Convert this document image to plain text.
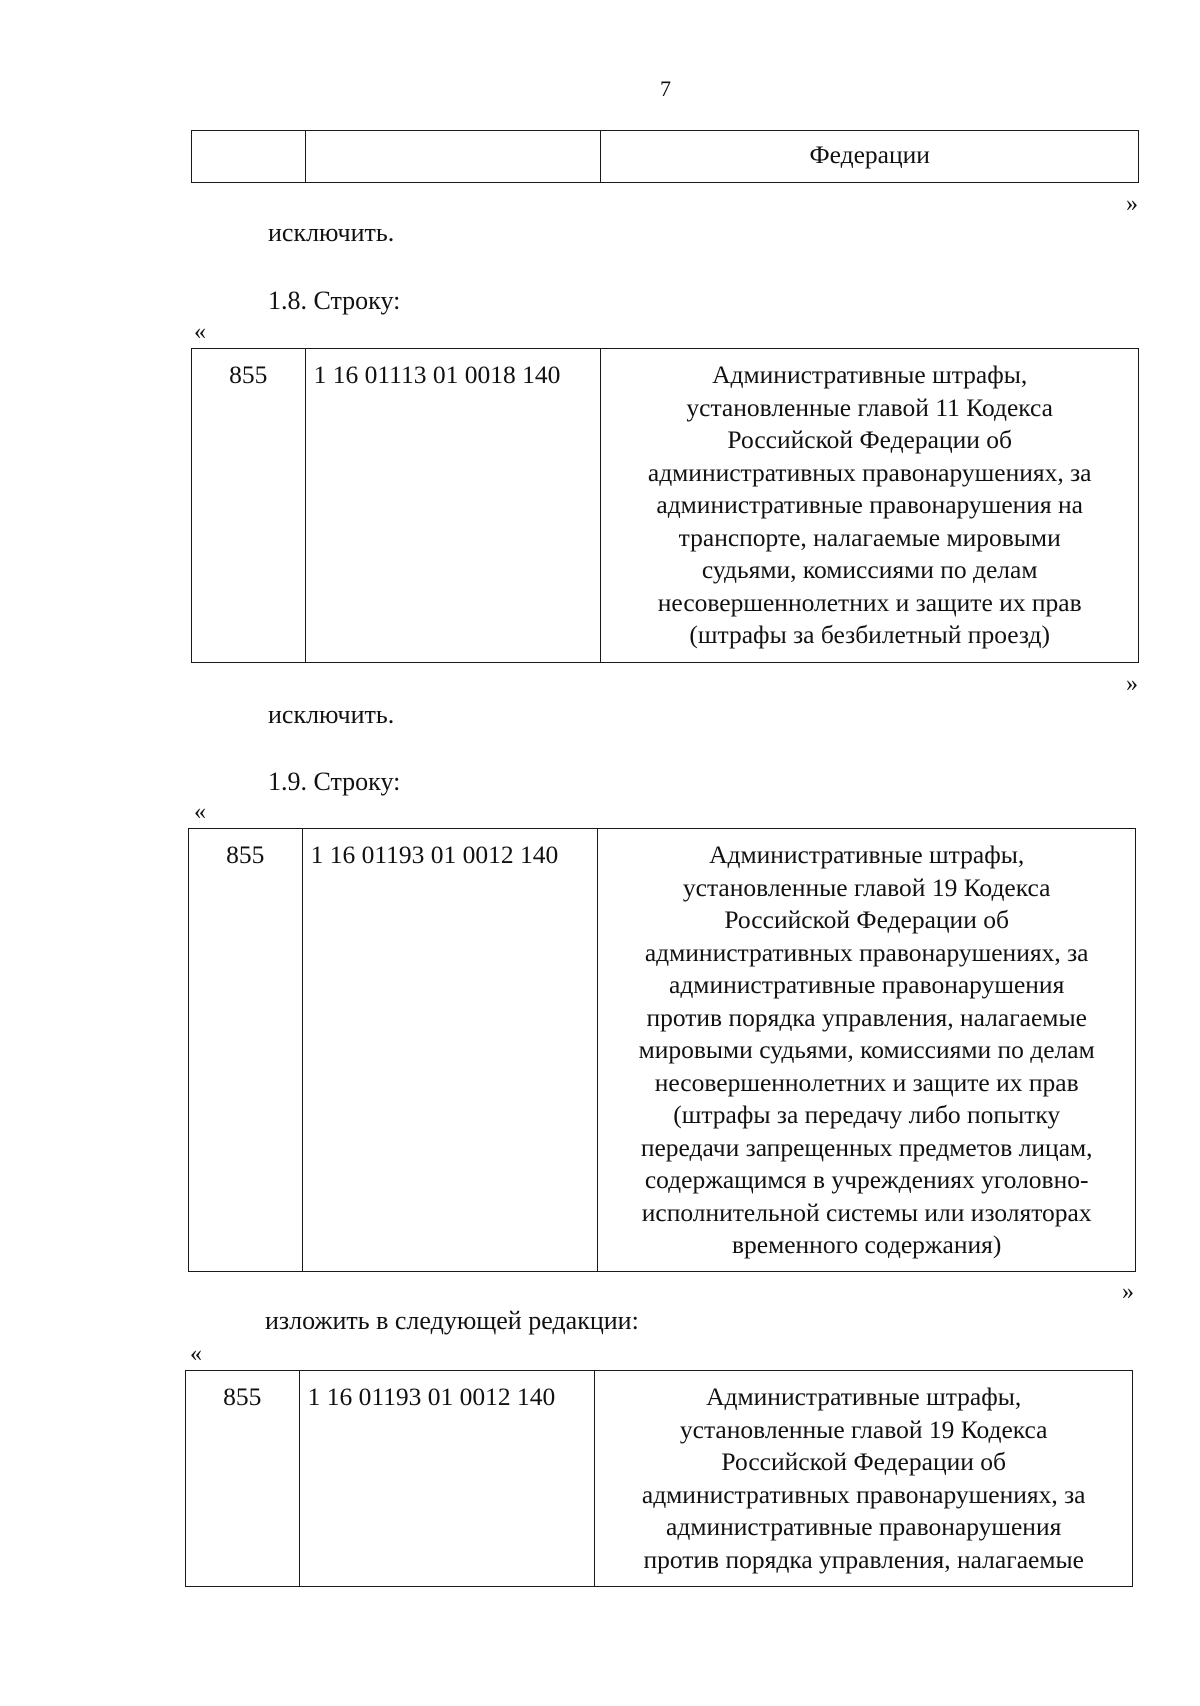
7

Федерации
»
исключить.
1.8. Строку:
«
855	1 16 01113 01 0018 140	Административные штрафы,
установленные главой 11 Кодекса
Российской Федерации об
административных правонарушениях, за
административные правонарушения на
транспорте, налагаемые мировыми
судьями, комиссиями по делам
несовершеннолетних и защите их прав
(штрафы за безбилетный проезд)
»
исключить.
1.9. Строку:
«
855	1 16 01193 01 0012 140	Административные штрафы,
установленные главой 19 Кодекса
Российской Федерации об
административных правонарушениях, за
административные правонарушения
против порядка управления, налагаемые
мировыми судьями, комиссиями по делам
несовершеннолетних и защите их прав
(штрафы за передачу либо попытку
передачи запрещенных предметов лицам,
содержащимся в учреждениях уголовно-
исполнительной системы или изоляторах
временного содержания)
»
изложить в следующей редакции:
«
855	1 16 01193 01 0012 140	Административные штрафы,
установленные главой 19 Кодекса
Российской Федерации об
административных правонарушениях, за
административные правонарушения
против порядка управления, налагаемые
